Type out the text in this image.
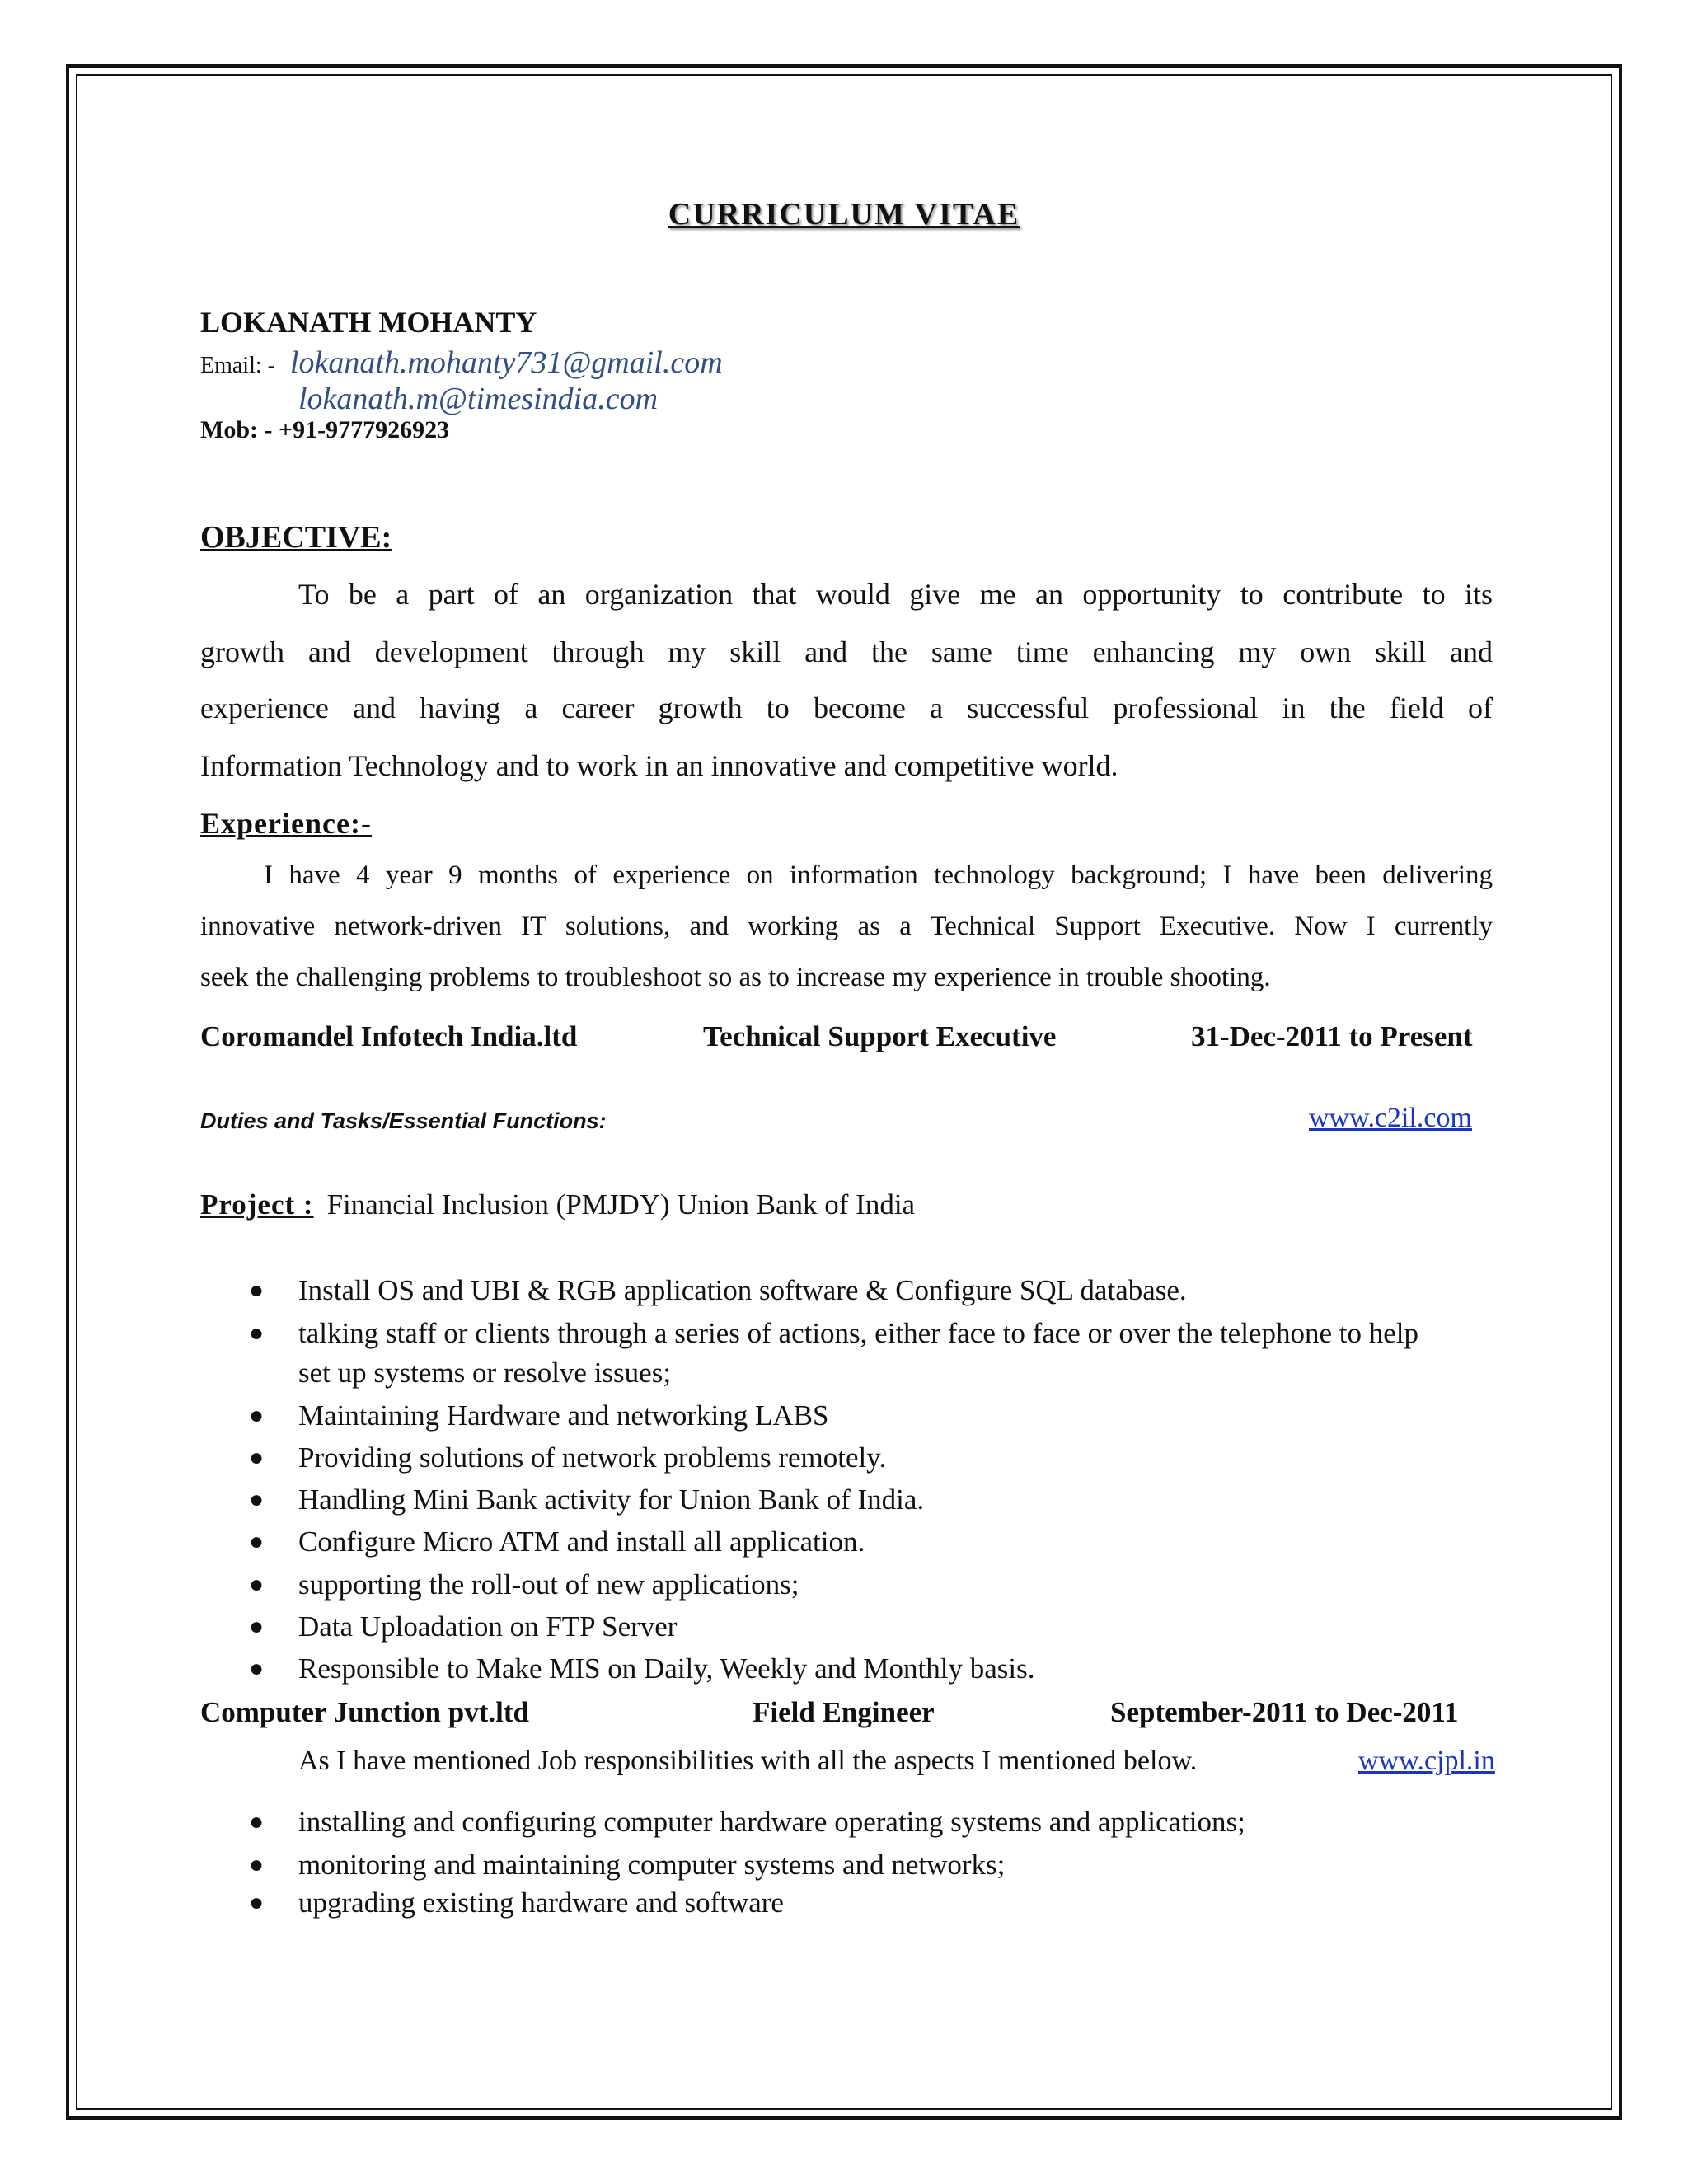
CURRICULUM VITAE
LOKANATH MOHANTY
Email: - lokanath.mohanty731@gmail.com
lokanath.m@timesindia.com
Mob: - +91-9777926923
OBJECTIVE:
To be a part of an organization that would give me an opportunity to contribute to its
growth and development through my skill and the same time enhancing my own skill and
experience and having a career growth to become a successful professional in the field of
Information Technology and to work in an innovative and competitive world.
Experience:-
I have 4 year 9 months of experience on information technology background; I have been delivering
innovative network-driven IT solutions, and working as a Technical Support Executive. Now I currently
seek the challenging problems to troubleshoot so as to increase my experience in trouble shooting.
Coromandel Infotech India.ltd	Technical Support Executive	31-Dec-2011 to Present
Duties and Tasks/Essential Functions:	www.c2il.com
Project : Financial Inclusion (PMJDY) Union Bank of India
● Install OS and UBI & RGB application software & Configure SQL database.
● talking staff or clients through a series of actions, either face to face or over the telephone to help
set up systems or resolve issues;
● Maintaining Hardware and networking LABS
● Providing solutions of network problems remotely.
● Handling Mini Bank activity for Union Bank of India.
● Configure Micro ATM and install all application.
● supporting the roll-out of new applications;
● Data Uploadation on FTP Server
● Responsible to Make MIS on Daily, Weekly and Monthly basis.
Computer Junction pvt.ltd	Field Engineer	September-2011 to Dec-2011
As I have mentioned Job responsibilities with all the aspects I mentioned below.	www.cjpl.in
● installing and configuring computer hardware operating systems and applications;
● monitoring and maintaining computer systems and networks;
● upgrading existing hardware and software
